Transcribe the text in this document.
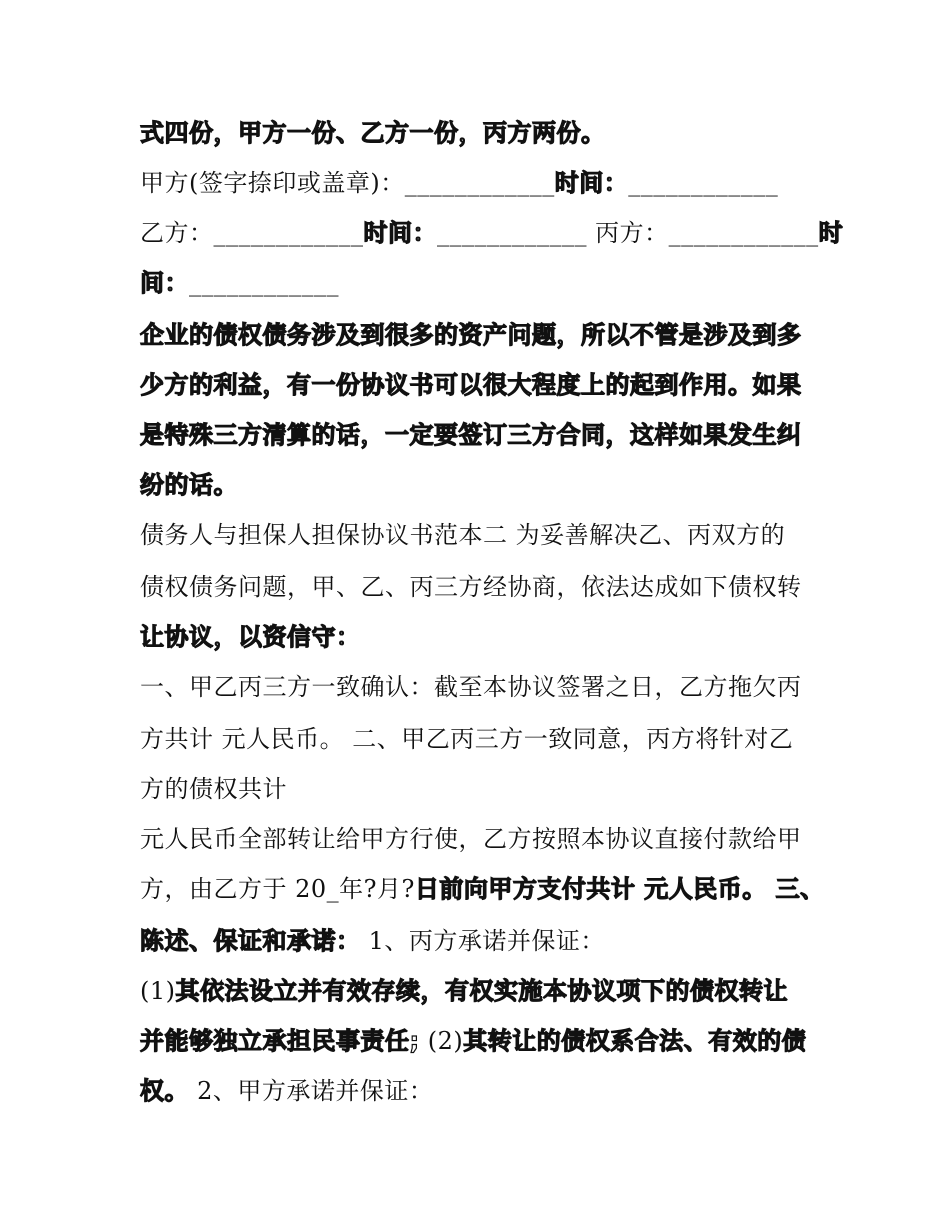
式四份，甲方一份、乙方一份，丙方两份。
甲方(签字捺印或盖章)：____________时间：____________
乙方：____________时间：____________ 丙方：____________时
间：____________
企业的债权债务涉及到很多的资产问题，所以不管是涉及到多
少方的利益，有一份协议书可以很大程度上的起到作用。如果
是特殊三方清算的话，一定要签订三方合同，这样如果发生纠
纷的话。
债务人与担保人担保协议书范本二 为妥善解决乙、丙双方的
债权债务问题，甲、乙、丙三方经协商，依法达成如下债权转
让协议，以资信守：
一、甲乙丙三方一致确认：截至本协议签署之日，乙方拖欠丙
方共计 元人民币。 二、甲乙丙三方一致同意，丙方将针对乙
方的债权共计
元人民币全部转让给甲方行使，乙方按照本协议直接付款给甲
方，由乙方于 20_年?月?日前向甲方支付共计 元人民币。 三、
陈述、保证和承诺： 1、丙方承诺并保证：
(1)其依法设立并有效存续，有权实施本协议项下的债权转让
并能够独立承担民事责任; (2)其转让的债权系合法、有效的债
权。 2、甲方承诺并保证：
